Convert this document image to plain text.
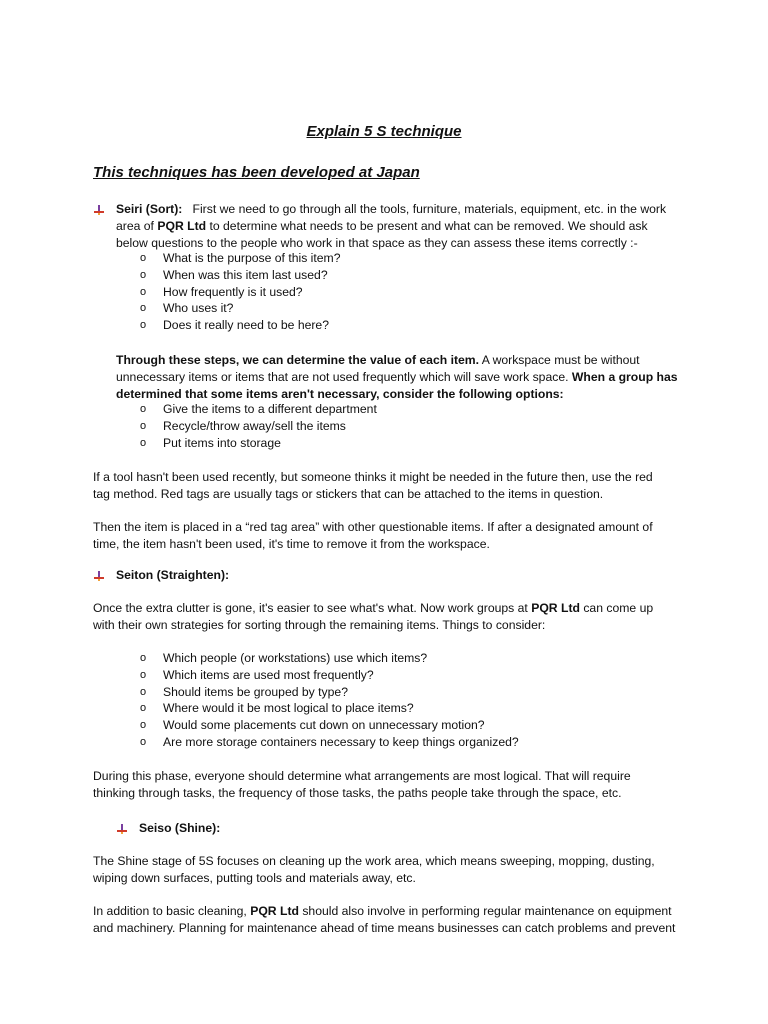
Explain 5 S technique
This techniques has been developed at Japan
Seiri (Sort): First we need to go through all the tools, furniture, materials, equipment, etc. in the work
area of PQR Ltd to determine what needs to be present and what can be removed. We should ask
below questions to the people who work in that space as they can assess these items correctly :-
o What is the purpose of this item?
o When was this item last used?
o How frequently is it used?
o Who uses it?
o Does it really need to be here?
Through these steps, we can determine the value of each item. A workspace must be without
unnecessary items or items that are not used frequently which will save work space. When a group has
determined that some items aren't necessary, consider the following options:
o Give the items to a different department
o Recycle/throw away/sell the items
o Put items into storage
If a tool hasn't been used recently, but someone thinks it might be needed in the future then, use the red
tag method. Red tags are usually tags or stickers that can be attached to the items in question.
Then the item is placed in a “red tag area” with other questionable items. If after a designated amount of
time, the item hasn't been used, it's time to remove it from the workspace.
Seiton (Straighten):
Once the extra clutter is gone, it's easier to see what's what. Now work groups at PQR Ltd can come up
with their own strategies for sorting through the remaining items. Things to consider:
o Which people (or workstations) use which items?
o Which items are used most frequently?
o Should items be grouped by type?
o Where would it be most logical to place items?
o Would some placements cut down on unnecessary motion?
o Are more storage containers necessary to keep things organized?
During this phase, everyone should determine what arrangements are most logical. That will require
thinking through tasks, the frequency of those tasks, the paths people take through the space, etc.
Seiso (Shine):
The Shine stage of 5S focuses on cleaning up the work area, which means sweeping, mopping, dusting,
wiping down surfaces, putting tools and materials away, etc.
In addition to basic cleaning, PQR Ltd should also involve in performing regular maintenance on equipment
and machinery. Planning for maintenance ahead of time means businesses can catch problems and prevent
